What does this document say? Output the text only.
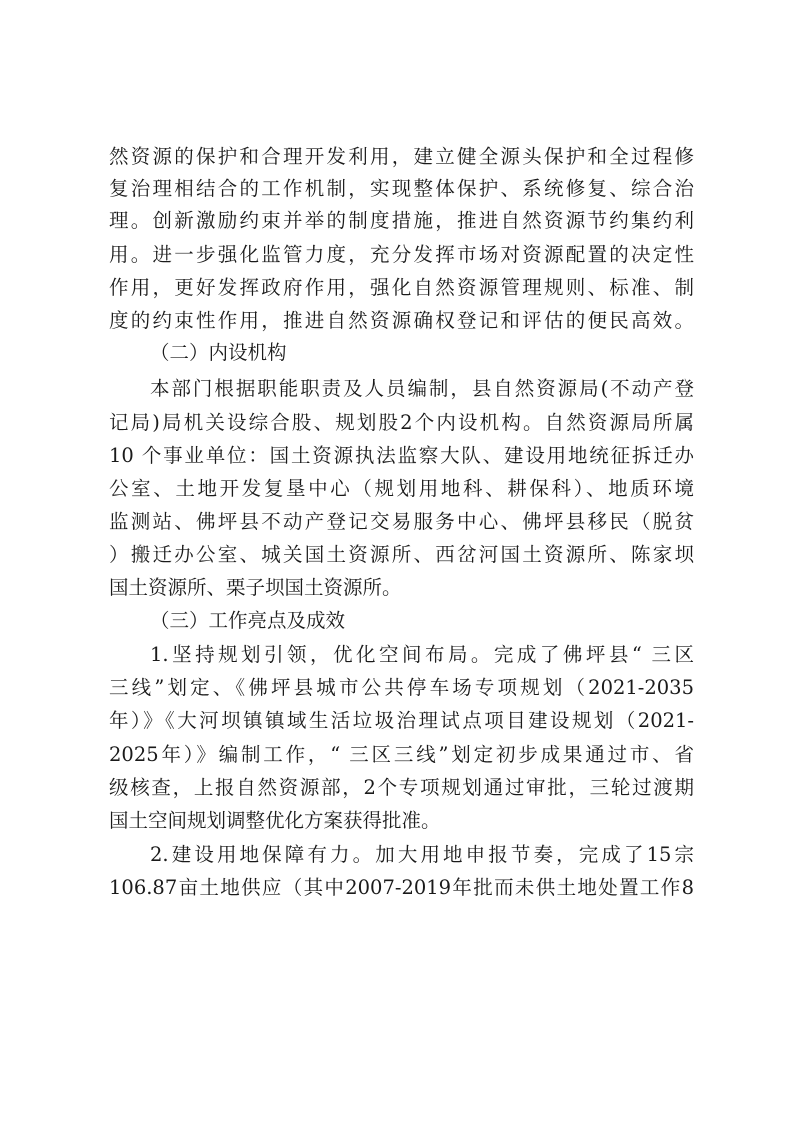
然资源的保护和合理开发利用，建立健全源头保护和全过程修
复治理相结合的工作机制，实现整体保护、系统修复、综合治
理。创新激励约束并举的制度措施，推进自然资源节约集约利
用。进一步强化监管力度，充分发挥市场对资源配置的决定性
作用，更好发挥政府作用，强化自然资源管理规则、标准、制
度的约束性作用，推进自然资源确权登记和评估的便民高效。
（二）内设机构
本部门根据职能职责及人员编制，县自然资源局(不动产登
记局)局机关设综合股、规划股2个内设机构。自然资源局所属
10 个事业单位：国土资源执法监察大队、建设用地统征拆迁办
公室、土地开发复垦中心（规划用地科、耕保科）、地质环境
监测站、佛坪县不动产登记交易服务中心、佛坪县移民（脱贫
）搬迁办公室、城关国土资源所、西岔河国土资源所、陈家坝
国土资源所、栗子坝国土资源所。
（三）工作亮点及成效
1.坚持规划引领，优化空间布局。完成了佛坪县“ 三区
三线”划定、《佛坪县城市公共停车场专项规划（2021-2035
年）》《大河坝镇镇域生活垃圾治理试点项目建设规划（2021-
2025年）》编制工作，“ 三区三线”划定初步成果通过市、省
级核查，上报自然资源部，2个专项规划通过审批，三轮过渡期
国土空间规划调整优化方案获得批准。
2.建设用地保障有力。加大用地申报节奏，完成了15宗
106.87亩土地供应（其中2007-2019年批而未供土地处置工作8
